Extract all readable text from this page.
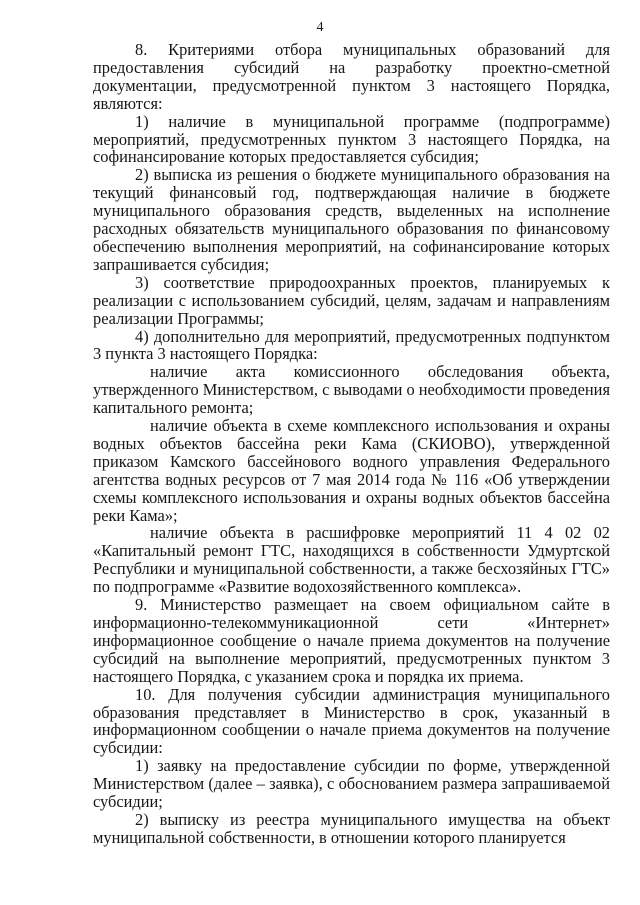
4

8. Критериями отбора муниципальных образований для предоставления субсидий на разработку проектно-сметной документации, предусмотренной пунктом 3 настоящего Порядка, являются:

1) наличие в муниципальной программе (подпрограмме) мероприятий, предусмотренных пунктом 3 настоящего Порядка, на софинансирование которых предоставляется субсидия;

2) выписка из решения о бюджете муниципального образования на текущий финансовый год, подтверждающая наличие в бюджете муниципального образования средств, выделенных на исполнение расходных обязательств муниципального образования по финансовому обеспечению выполнения мероприятий, на софинансирование которых запрашивается субсидия;

3) соответствие природоохранных проектов, планируемых к реализации с использованием субсидий, целям, задачам и направлениям реализации Программы;

4) дополнительно для мероприятий, предусмотренных подпунктом 3 пункта 3 настоящего Порядка:

наличие акта комиссионного обследования объекта, утвержденного Министерством, с выводами о необходимости проведения капитального ремонта;

наличие объекта в схеме комплексного использования и охраны водных объектов бассейна реки Кама (СКИОВО), утвержденной приказом Камского бассейнового водного управления Федерального агентства водных ресурсов от 7 мая 2014 года № 116 «Об утверждении схемы комплексного использования и охраны водных объектов бассейна реки Кама»;

наличие объекта в расшифровке мероприятий 11 4 02 02 «Капитальный ремонт ГТС, находящихся в собственности Удмуртской Республики и муниципальной собственности, а также бесхозяйных ГТС» по подпрограмме «Развитие водохозяйственного комплекса».

9. Министерство размещает на своем официальном сайте в информационно-телекоммуникационной сети «Интернет» информационное сообщение о начале приема документов на получение субсидий на выполнение мероприятий, предусмотренных пунктом 3 настоящего Порядка, с указанием срока и порядка их приема.

10. Для получения субсидии администрация муниципального образования представляет в Министерство в срок, указанный в информационном сообщении о начале приема документов на получение субсидии:

1) заявку на предоставление субсидии по форме, утвержденной Министерством (далее – заявка), с обоснованием размера запрашиваемой субсидии;

2) выписку из реестра муниципального имущества на объект муниципальной собственности, в отношении которого планируется
